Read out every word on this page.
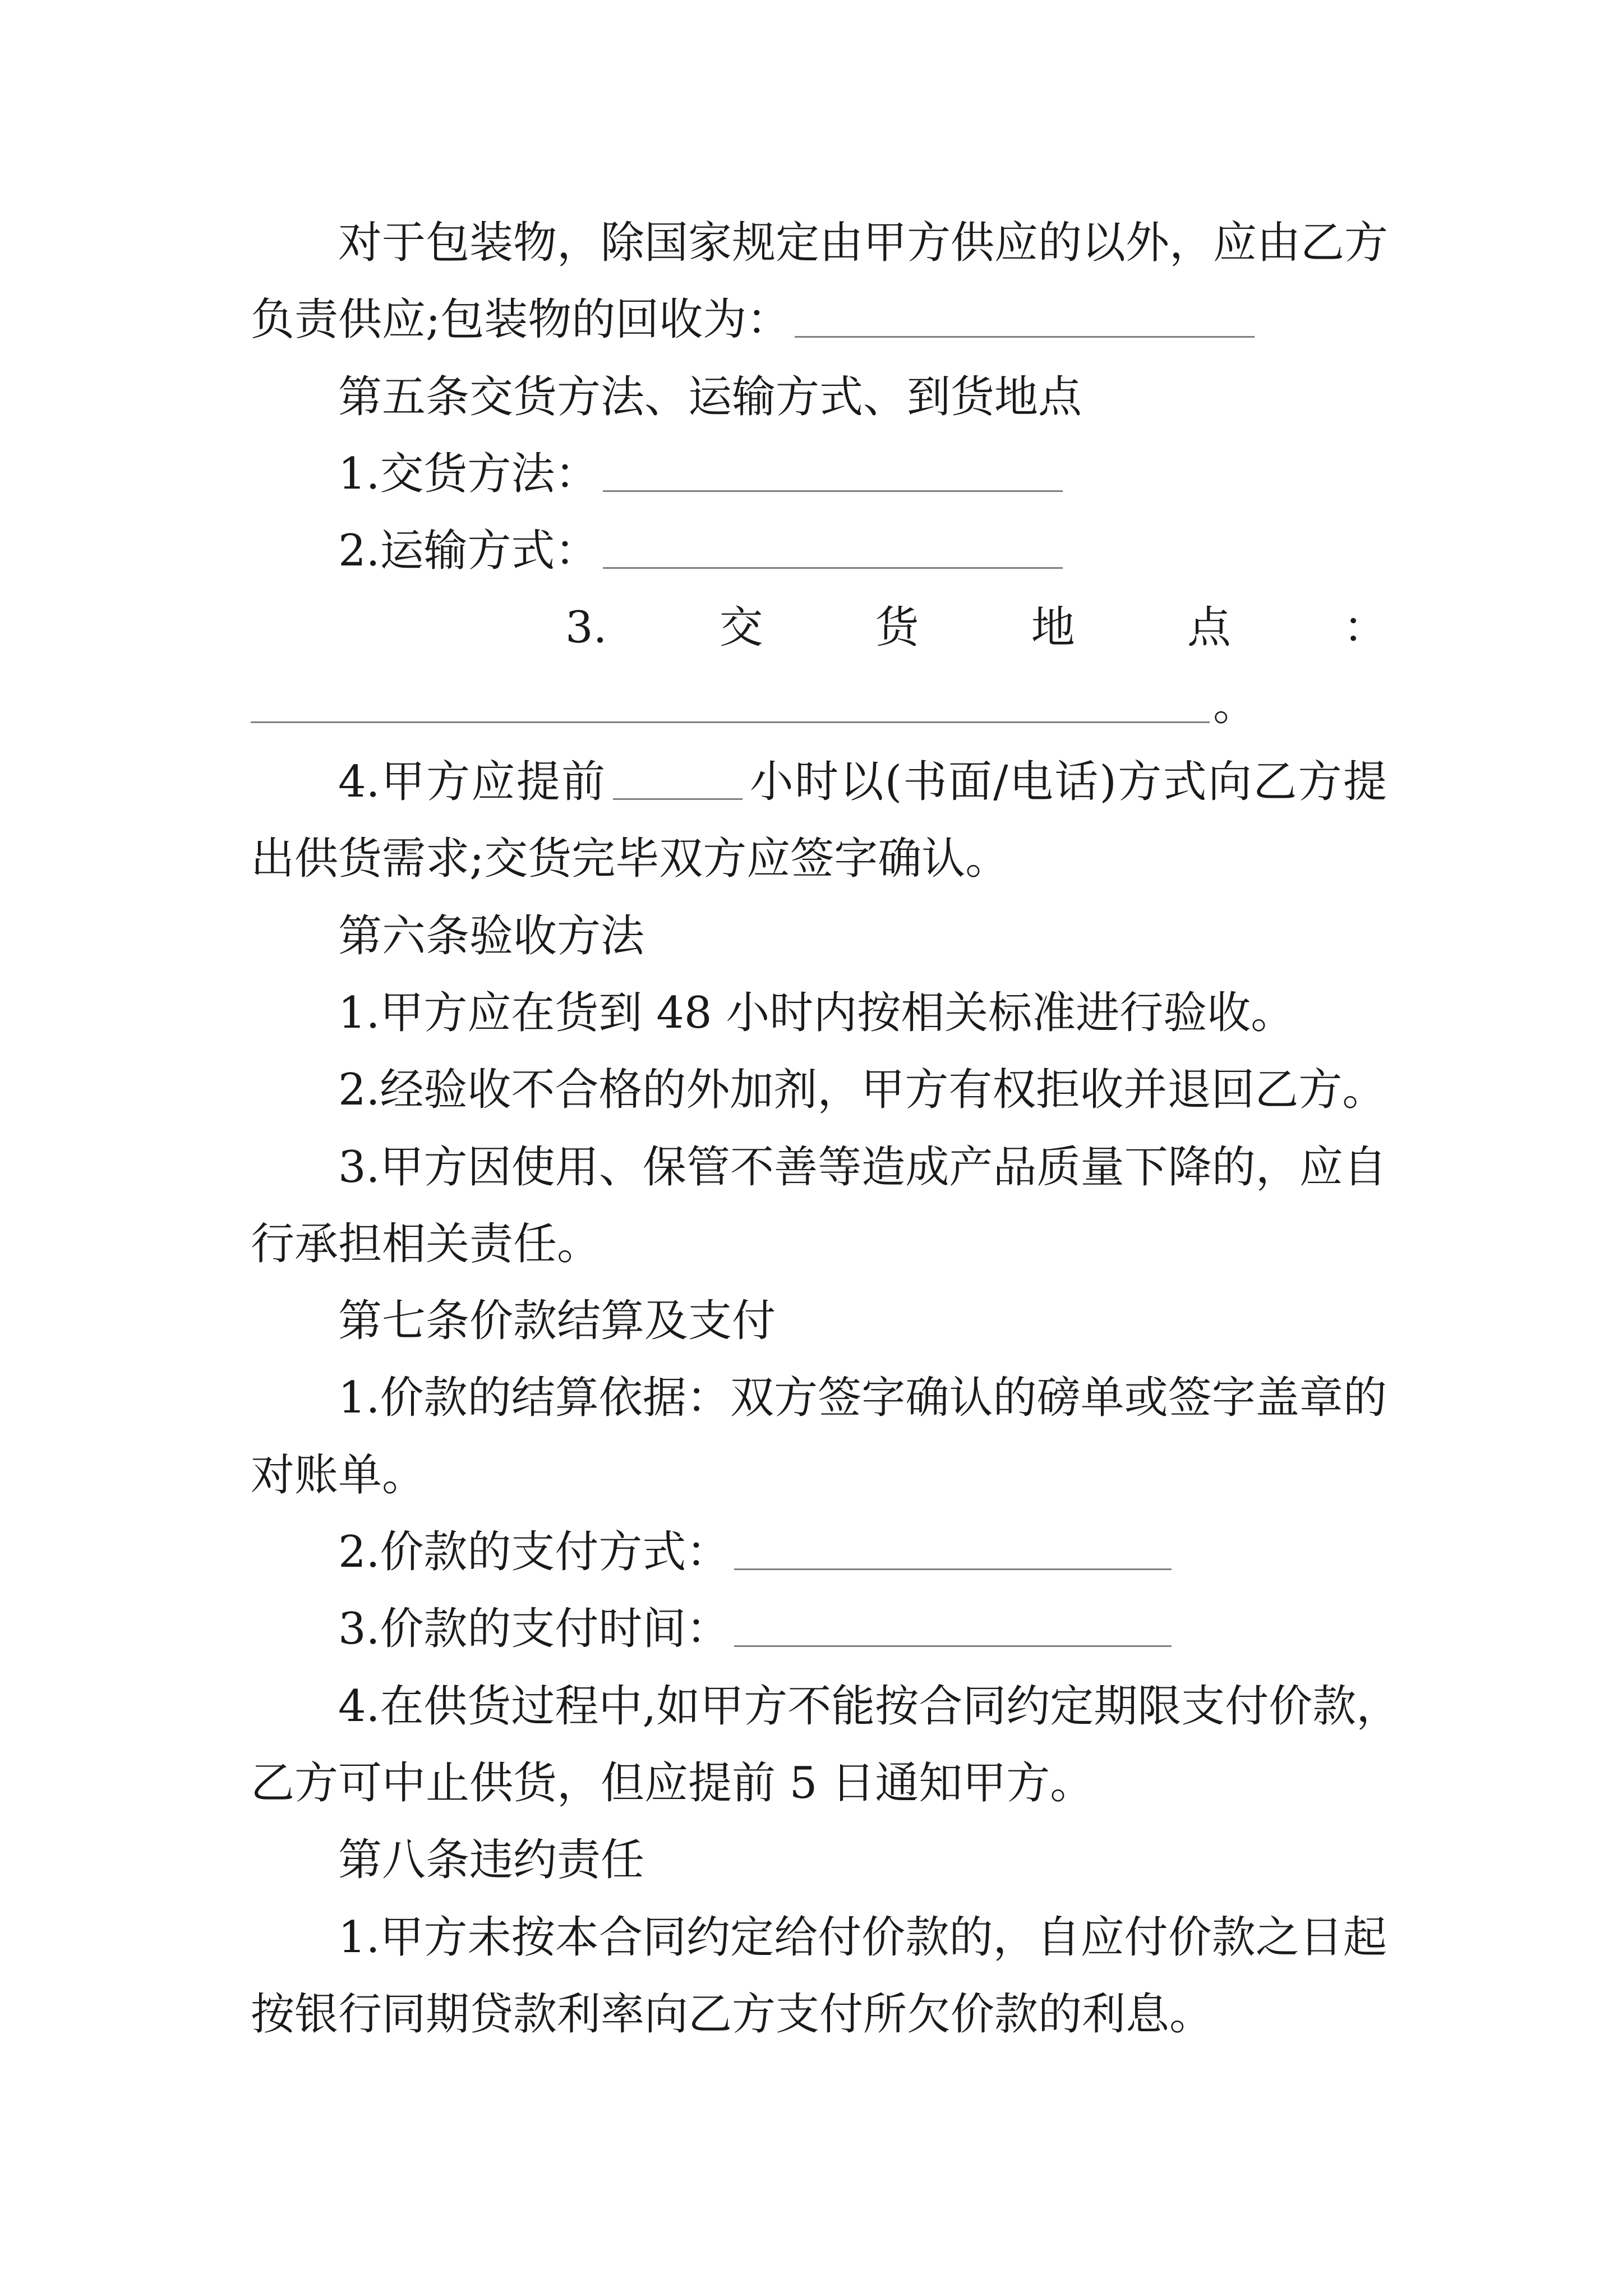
对于包装物，除国家规定由甲方供应的以外，应由乙方
负责供应;包装物的回收为：
第五条交货方法、运输方式、到货地点
1.交货方法：
2.运输方式：
3.	交	货	地	点	：
。
4.甲方应提前	小时以(书面/电话)方式向乙方提
出供货需求;交货完毕双方应签字确认。
第六条验收方法
1.甲方应在货到 48 小时内按相关标准进行验收。
2.经验收不合格的外加剂，甲方有权拒收并退回乙方。
3.甲方因使用、保管不善等造成产品质量下降的，应自
行承担相关责任。
第七条价款结算及支付
1.价款的结算依据：双方签字确认的磅单或签字盖章的
对账单。
2.价款的支付方式：
3.价款的支付时间：
4.在供货过程中,如甲方不能按合同约定期限支付价款，
乙方可中止供货，但应提前 5 日通知甲方。
第八条违约责任
1.甲方未按本合同约定给付价款的，自应付价款之日起
按银行同期贷款利率向乙方支付所欠价款的利息。
